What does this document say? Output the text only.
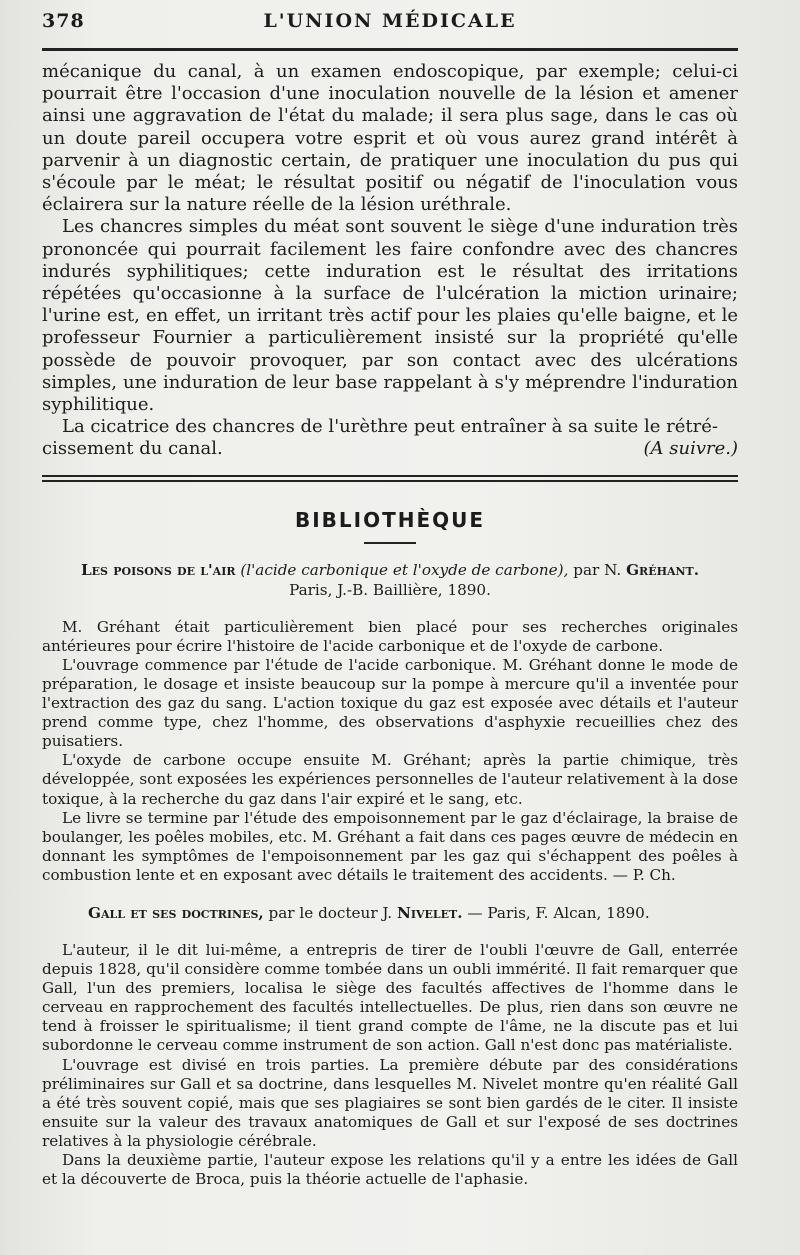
378	L'UNION MÉDICALE

mécanique du canal, à un examen endoscopique, par exemple; celui-ci pourrait être l'occasion d'une inoculation nouvelle de la lésion et amener ainsi une aggravation de l'état du malade; il sera plus sage, dans le cas où un doute pareil occupera votre esprit et où vous aurez grand intérêt à parvenir à un diagnostic certain, de pratiquer une inoculation du pus qui s'écoule par le méat; le résultat positif ou négatif de l'inoculation vous éclairera sur la nature réelle de la lésion uréthrale.

Les chancres simples du méat sont souvent le siège d'une induration très prononcée qui pourrait facilement les faire confondre avec des chancres indurés syphilitiques; cette induration est le résultat des irritations répétées qu'occasionne à la surface de l'ulcération la miction urinaire; l'urine est, en effet, un irritant très actif pour les plaies qu'elle baigne, et le professeur Fournier a particulièrement insisté sur la propriété qu'elle possède de pouvoir provoquer, par son contact avec des ulcérations simples, une induration de leur base rappelant à s'y méprendre l'induration syphilitique.

La cicatrice des chancres de l'urèthre peut entraîner à sa suite le rétré-

cissement du canal.	(A suivre.)

BIBLIOTHÈQUE
Les poisons de l'air (l'acide carbonique et l'oxyde de carbone), par N. Gréhant.
Paris, J.-B. Baillière, 1890.

M. Gréhant était particulièrement bien placé pour ses recherches originales antérieures pour écrire l'histoire de l'acide carbonique et de l'oxyde de carbone.

L'ouvrage commence par l'étude de l'acide carbonique. M. Gréhant donne le mode de préparation, le dosage et insiste beaucoup sur la pompe à mercure qu'il a inventée pour l'extraction des gaz du sang. L'action toxique du gaz est exposée avec détails et l'auteur prend comme type, chez l'homme, des observations d'asphyxie recueillies chez des puisatiers.

L'oxyde de carbone occupe ensuite M. Gréhant; après la partie chimique, très développée, sont exposées les expériences personnelles de l'auteur relativement à la dose toxique, à la recherche du gaz dans l'air expiré et le sang, etc.

Le livre se termine par l'étude des empoisonnement par le gaz d'éclairage, la braise de boulanger, les poêles mobiles, etc. M. Gréhant a fait dans ces pages œuvre de médecin en donnant les symptômes de l'empoisonnement par les gaz qui s'échappent des poêles à combustion lente et en exposant avec détails le traitement des accidents. — P. Ch.

Gall et ses doctrines, par le docteur J. Nivelet. — Paris, F. Alcan, 1890.

L'auteur, il le dit lui-même, a entrepris de tirer de l'oubli l'œuvre de Gall, enterrée depuis 1828, qu'il considère comme tombée dans un oubli immérité. Il fait remarquer que Gall, l'un des premiers, localisa le siège des facultés affectives de l'homme dans le cerveau en rapprochement des facultés intellectuelles. De plus, rien dans son œuvre ne tend à froisser le spiritualisme; il tient grand compte de l'âme, ne la discute pas et lui subordonne le cerveau comme instrument de son action. Gall n'est donc pas matérialiste.

L'ouvrage est divisé en trois parties. La première débute par des considérations préliminaires sur Gall et sa doctrine, dans lesquelles M. Nivelet montre qu'en réalité Gall a été très souvent copié, mais que ses plagiaires se sont bien gardés de le citer. Il insiste ensuite sur la valeur des travaux anatomiques de Gall et sur l'exposé de ses doctrines relatives à la physiologie cérébrale.

Dans la deuxième partie, l'auteur expose les relations qu'il y a entre les idées de Gall et la découverte de Broca, puis la théorie actuelle de l'aphasie.
